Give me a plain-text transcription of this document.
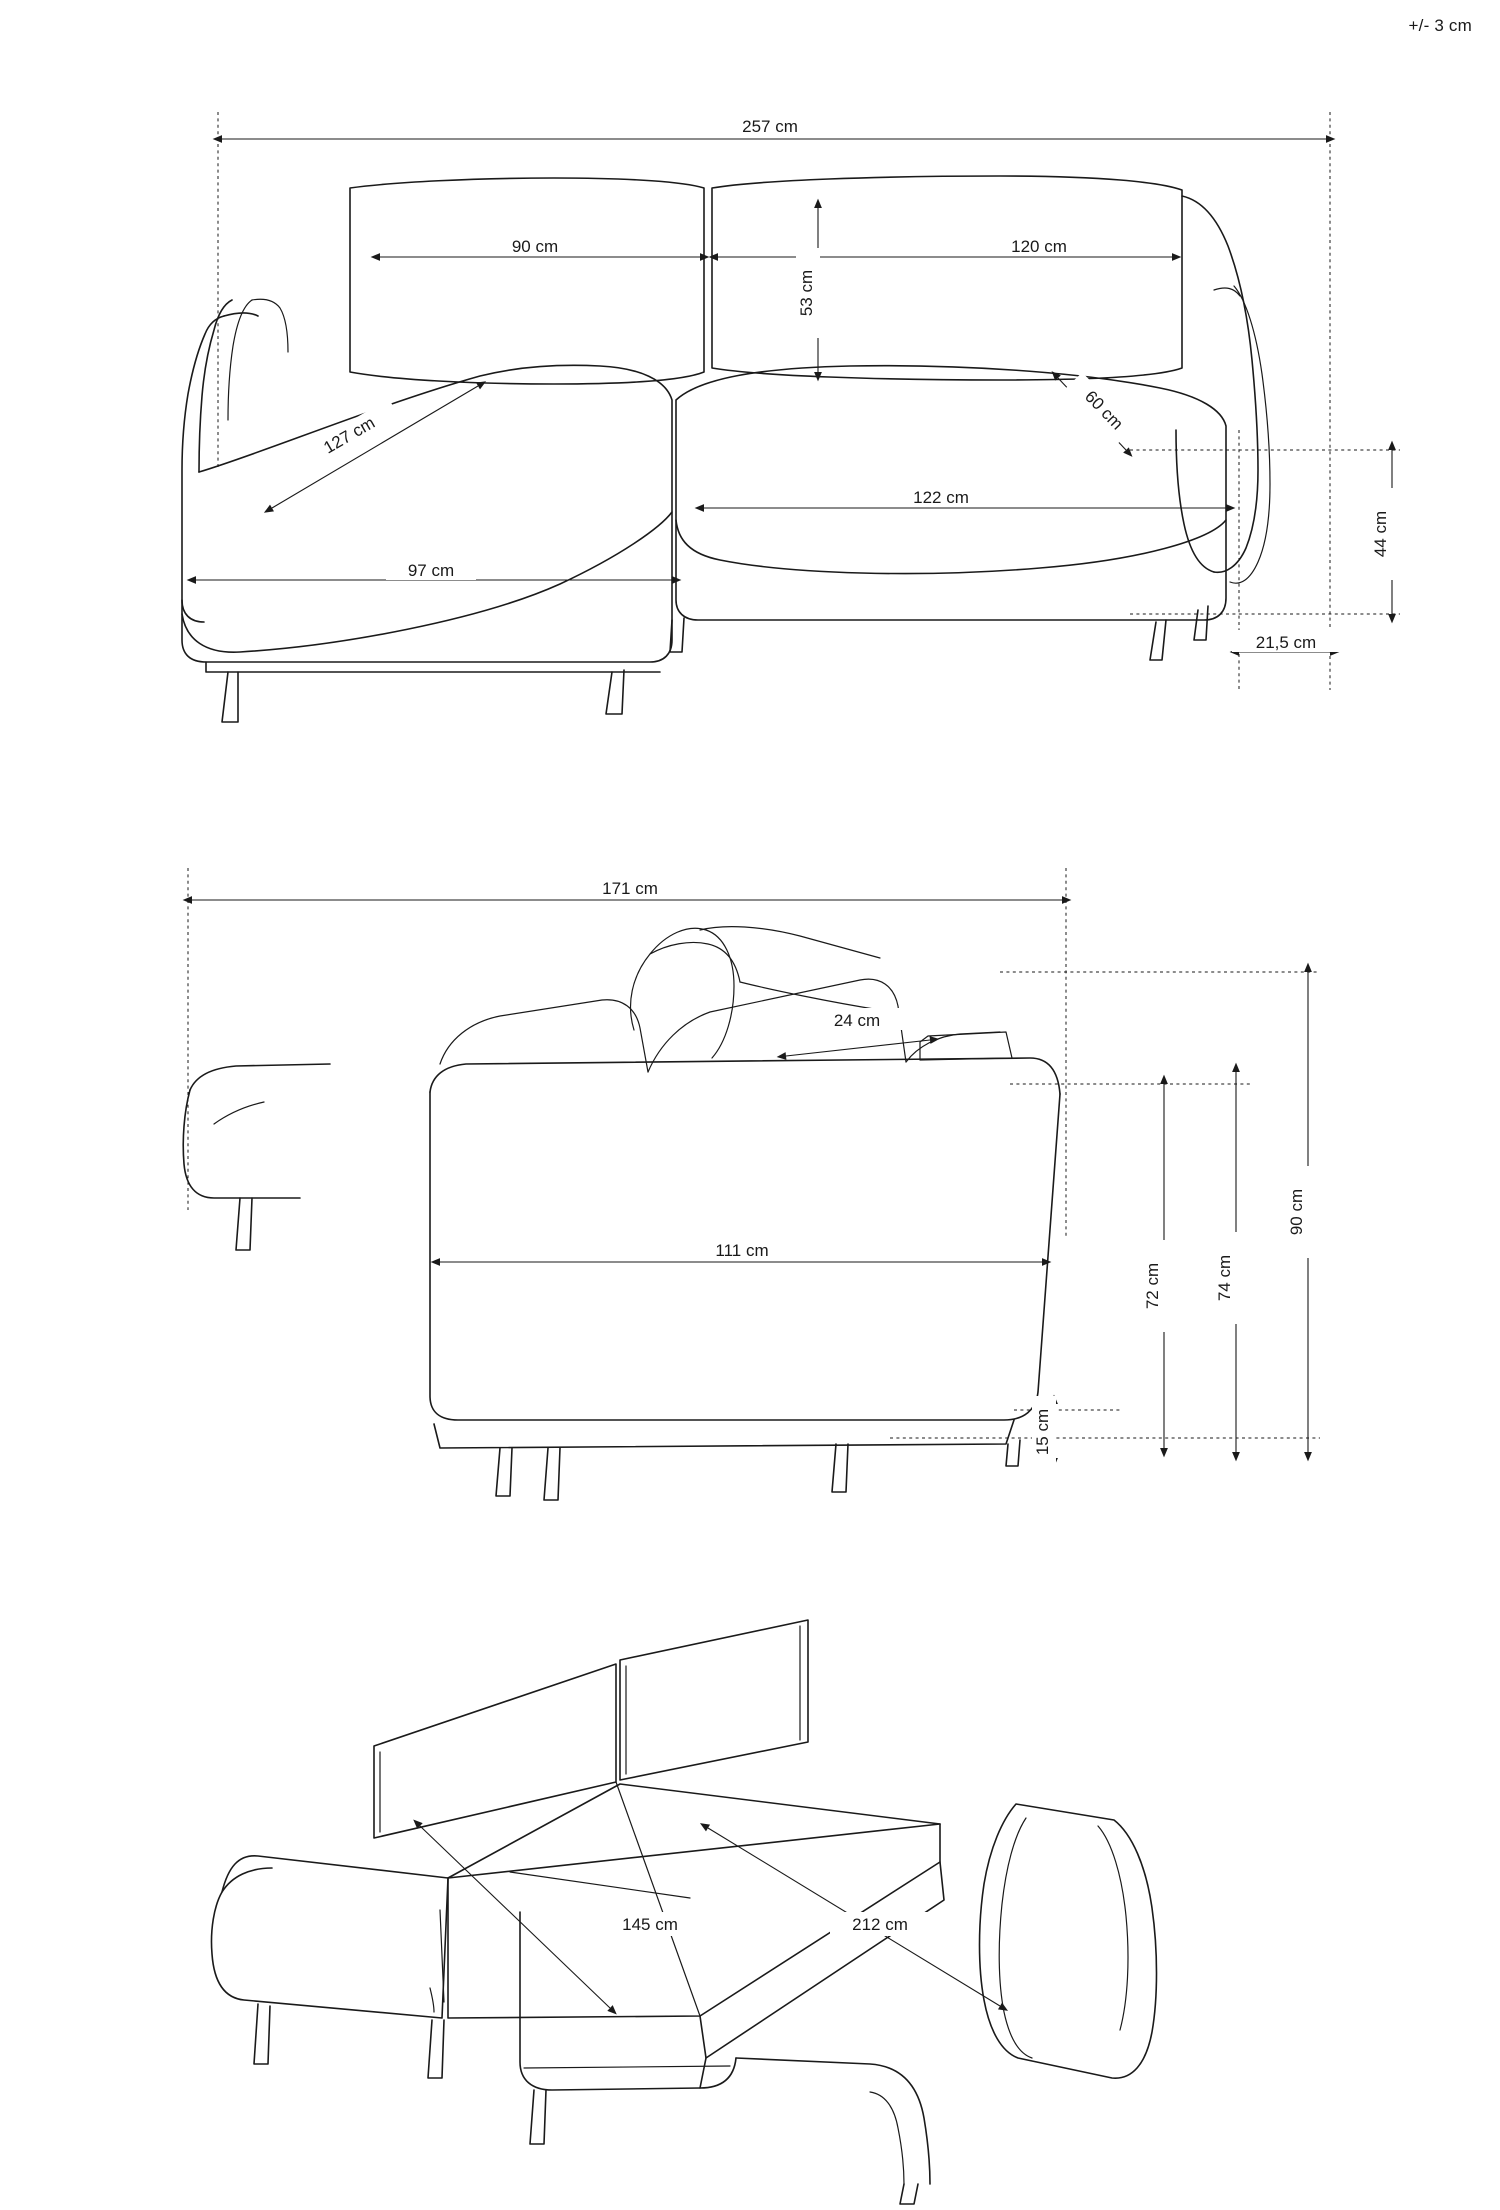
+/- 3 cm
257 cm
90 cm	120 cm
53 cm
127 cm
60 cm
97 cm
122 cm
44 cm
21,5 cm
171 cm
24 cm
111 cm
72 cm	74 cm
90 cm
15 cm
145 cm	212 cm
